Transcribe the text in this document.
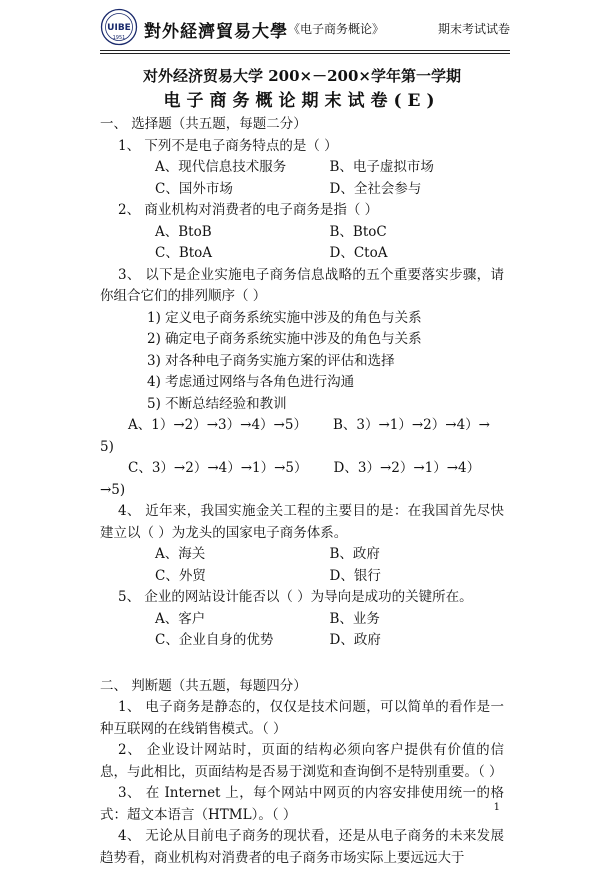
UIBE
1951 對外経濟貿易大學 《电子商务概论》	期末考试试卷
对外经济贸易大学 200×－200×学年第一学期
电子商务概论期末试卷(E)
一、 选择题（共五题，每题二分）
1、 下列不是电子商务特点的是（ ）
A、现代信息技术服务	B、电子虚拟市场
C、国外市场	D、全社会参与
2、 商业机构对消费者的电子商务是指（ ）
A、BtoB	B、BtoC
C、BtoA	D、CtoA
3、 以下是企业实施电子商务信息战略的五个重要落实步骤，请你组合它们的排列顺序（ ）
1) 定义电子商务系统实施中涉及的角色与关系
2) 确定电子商务系统实施中涉及的角色与关系
3) 对各种电子商务实施方案的评估和选择
4) 考虑通过网络与各角色进行沟通
5) 不断总结经验和教训
A、1）→2）→3）→4）→5） B、3）→1）→2）→4）→
5)
C、3）→2）→4）→1）→5） D、3）→2）→1）→4）
→5)
4、 近年来，我国实施金关工程的主要目的是：在我国首先尽快建立以（ ）为龙头的国家电子商务体系。
A、海关	B、政府
C、外贸	D、银行
5、 企业的网站设计能否以（ ）为导向是成功的关键所在。
A、客户	B、业务
C、企业自身的优势	D、政府
二、 判断题（共五题，每题四分）
1、 电子商务是静态的，仅仅是技术问题，可以简单的看作是一种互联网的在线销售模式。（ ）
2、 企业设计网站时，页面的结构必须向客户提供有价值的信息，与此相比，页面结构是否易于浏览和查询倒不是特别重要。（ ）
3、 在 Internet 上，每个网站中网页的内容安排使用统一的格式：超文本语言（HTML）。（ ）
4、 无论从目前电子商务的现状看，还是从电子商务的未来发展趋势看，商业机构对消费者的电子商务市场实际上要远远大于
1
